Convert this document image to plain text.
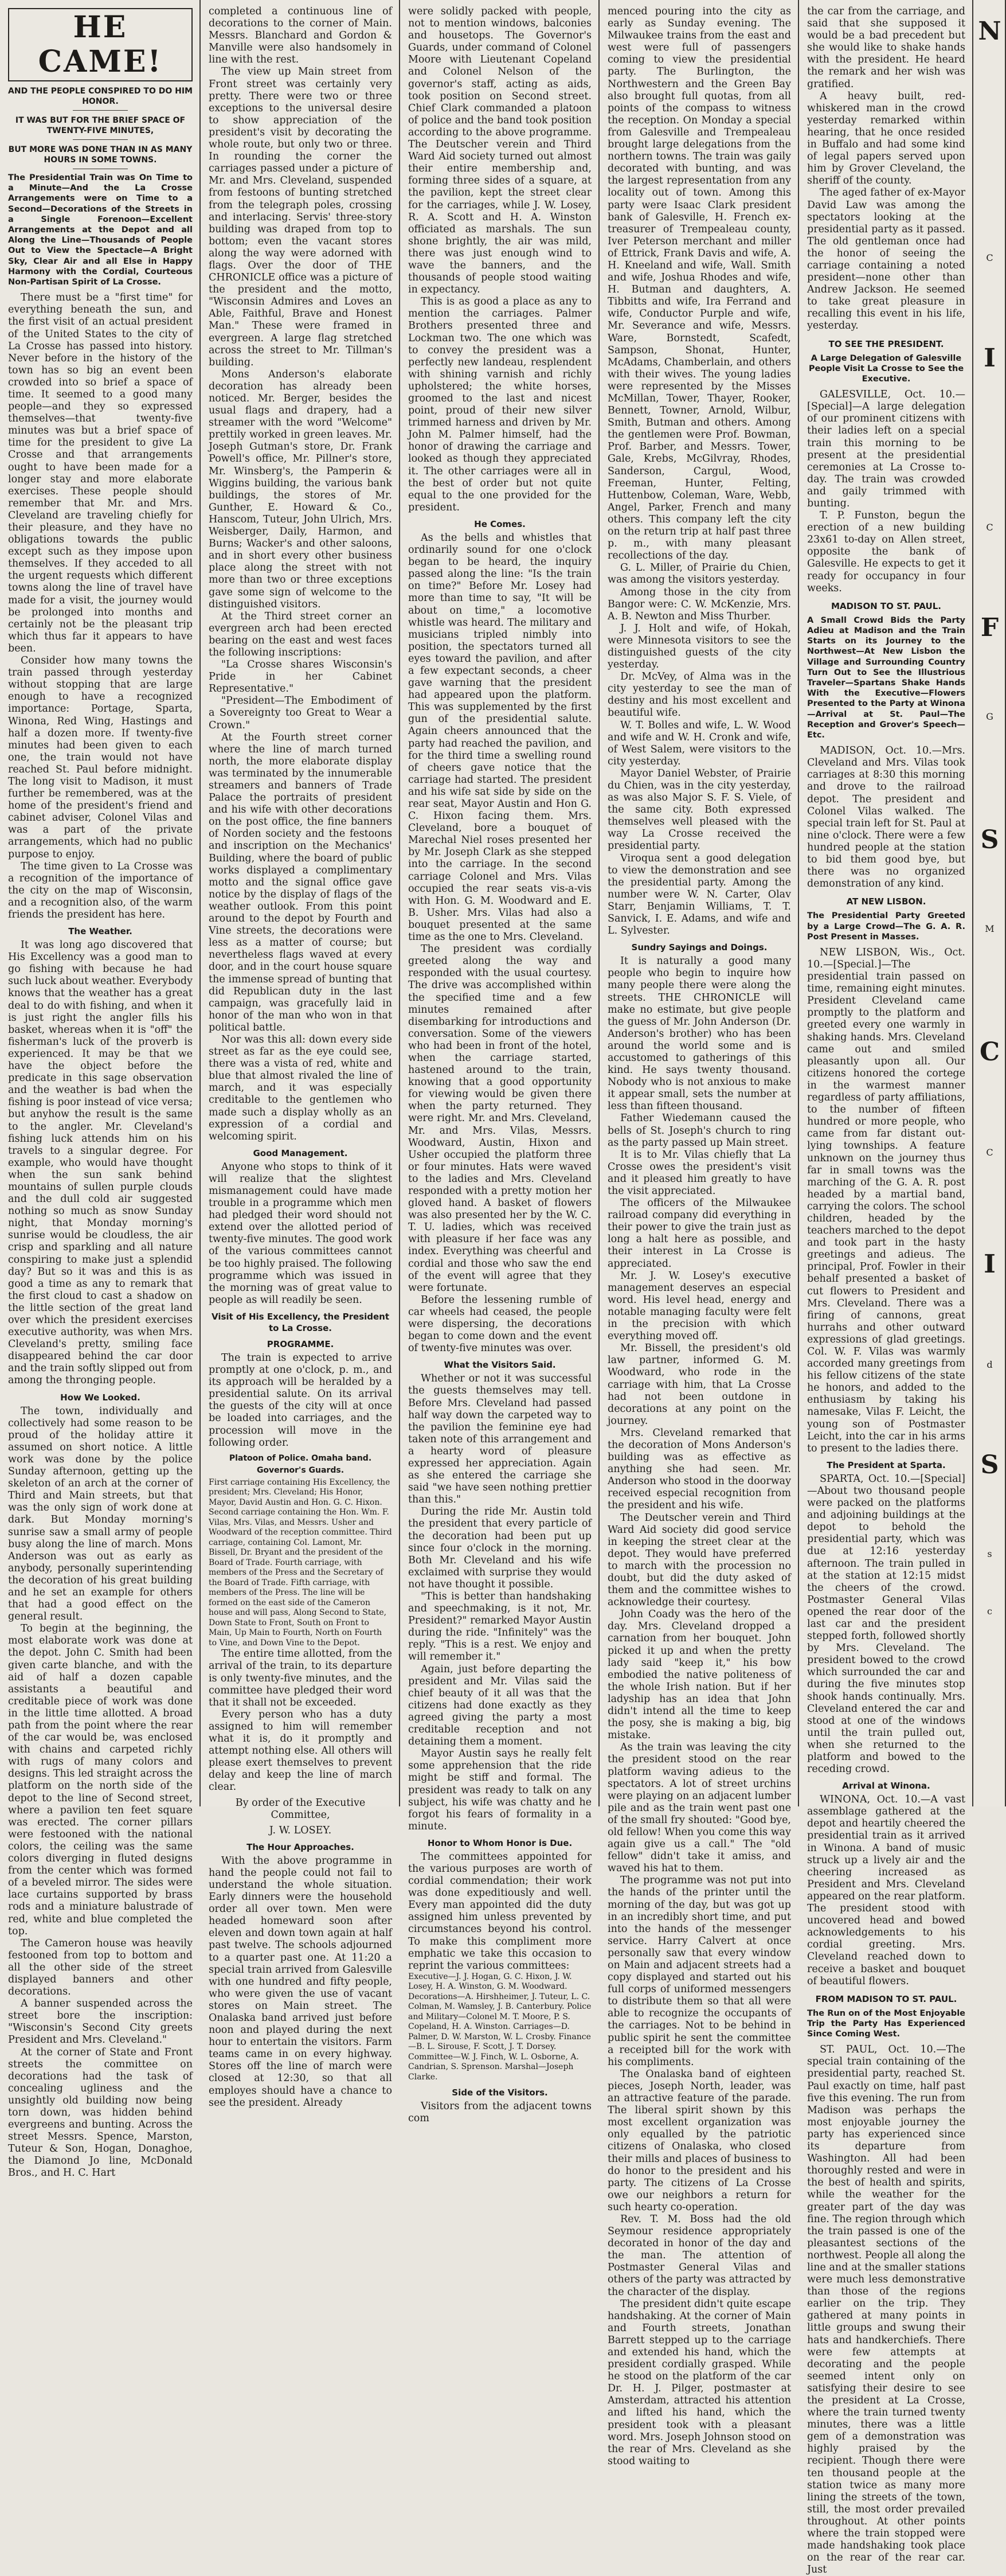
HE CAME!
AND THE PEOPLE CONSPIRED TO DO HIM HONOR.
IT WAS BUT FOR THE BRIEF SPACE OF TWENTY-FIVE MINUTES,
BUT MORE WAS DONE THAN IN AS MANY HOURS IN SOME TOWNS.
The Presidential Train was On Time to a Minute—And the La Crosse Arrangements were on Time to a Second—Decorations of the Streets in a Single Forenoon—Excellent Arrangements at the Depot and all Along the Line—Thousands of People Out to View the Spectacle—A Bright Sky, Clear Air and all Else in Happy Harmony with the Cordial, Courteous Non-Partisan Spirit of La Crosse.

There must be a "first time" for everything beneath the sun, and the first visit of an actual president of the United States to the city of La Crosse has passed into history. Never before in the history of the town has so big an event been crowded into so brief a space of time. It seemed to a good many people—and they so expressed themselves—that twenty-five minutes was but a brief space of time for the president to give La Crosse and that arrangements ought to have been made for a longer stay and more elaborate exercises. These people should remember that Mr. and Mrs. Cleveland are traveling chiefly for their pleasure, and they have no obligations towards the public except such as they impose upon themselves. If they acceded to all the urgent requests which different towns along the line of travel have made for a visit, the journey would be prolonged into months and certainly not be the pleasant trip which thus far it appears to have been.

Consider how many towns the train passed through yesterday without stopping that are large enough to have a recognized importance: Portage, Sparta, Winona, Red Wing, Hastings and half a dozen more. If twenty-five minutes had been given to each one, the train would not have reached St. Paul before midnight. The long visit to Madison, it must further be remembered, was at the home of the president's friend and cabinet adviser, Colonel Vilas and was a part of the private arrangements, which had no public purpose to enjoy.

The time given to La Crosse was a recognition of the importance of the city on the map of Wisconsin, and a recognition also, of the warm friends the president has here.

The Weather.

It was long ago discovered that His Excellency was a good man to go fishing with because he had such luck about weather. Everybody knows that the weather has a great deal to do with fishing, and when it is just right the angler fills his basket, whereas when it is "off" the fisherman's luck of the proverb is experienced. It may be that we have the object before the predicate in this sage observation and the weather is bad when the fishing is poor instead of vice versa; but anyhow the result is the same to the angler. Mr. Cleveland's fishing luck attends him on his travels to a singular degree. For example, who would have thought when the sun sank behind mountains of sullen purple clouds and the dull cold air suggested nothing so much as snow Sunday night, that Monday morning's sunrise would be cloudless, the air crisp and sparkling and all nature conspiring to make just a splendid day? But so it was and this is as good a time as any to remark that the first cloud to cast a shadow on the little section of the great land over which the president exercises executive authority, was when Mrs. Cleveland's pretty, smiling face disappeared behind the car door and the train softly slipped out from among the thronging people.

How We Looked.

The town, individually and collectively had some reason to be proud of the holiday attire it assumed on short notice. A little work was done by the police Sunday afternoon, getting up the skeleton of an arch at the corner of Third and Main streets, but that was the only sign of work done at dark. But Monday morning's sunrise saw a small army of people busy along the line of march. Mons Anderson was out as early as anybody, personally superintending the decoration of his great building and he set an example for others that had a good effect on the general result.

To begin at the beginning, the most elaborate work was done at the depot. John C. Smith had been given carte blanche, and with the aid of half a dozen capable assistants a beautiful and creditable piece of work was done in the little time allotted. A broad path from the point where the rear of the car would be, was enclosed with chains and carpeted richly with rugs of many colors and designs. This led straight across the platform on the north side of the depot to the line of Second street, where a pavilion ten feet square was erected. The corner pillars were festooned with the national colors, the ceiling was the same colors diverging in fluted designs from the center which was formed of a beveled mirror. The sides were lace curtains supported by brass rods and a miniature balustrade of red, white and blue completed the top.

The Cameron house was heavily festooned from top to bottom and all the other side of the street displayed banners and other decorations.

A banner suspended across the street bore the inscription: "Wisconsin's Second City greets President and Mrs. Cleveland."

At the corner of State and Front streets the committee on decorations had the task of concealing ugliness and the unsightly old building now being torn down, was hidden behind evergreens and bunting. Across the street Messrs. Spence, Marston, Tuteur & Son, Hogan, Donaghoe, the Diamond Jo line, McDonald Bros., and H. C. Hart

completed a continuous line of decorations to the corner of Main. Messrs. Blanchard and Gordon & Manville were also handsomely in line with the rest.

The view up Main street from Front street was certainly very pretty. There were two or three exceptions to the universal desire to show appreciation of the president's visit by decorating the whole route, but only two or three. In rounding the corner the carriages passed under a picture of Mr. and Mrs. Cleveland, suspended from festoons of bunting stretched from the telegraph poles, crossing and interlacing. Servis' three-story building was draped from top to bottom; even the vacant stores along the way were adorned with flags. Over the door of THE CHRONICLE office was a picture of the president and the motto, "Wisconsin Admires and Loves an Able, Faithful, Brave and Honest Man." These were framed in evergreen. A large flag stretched across the street to Mr. Tillman's building.

Mons Anderson's elaborate decoration has already been noticed. Mr. Berger, besides the usual flags and drapery, had a streamer with the word "Welcome" prettily worked in green leaves. Mr. Joseph Gutman's store, Dr. Frank Powell's office, Mr. Pillner's store, Mr. Winsberg's, the Pamperin & Wiggins building, the various bank buildings, the stores of Mr. Gunther, E. Howard & Co., Hanscom, Tuteur, John Ulrich, Mrs. Weisberger, Daily, Harmon, and Burns; Wacker's and other saloons, and in short every other business place along the street with not more than two or three exceptions gave some sign of welcome to the distinguished visitors.

At the Third street corner an evergreen arch had been erected bearing on the east and west faces the following inscriptions:

"La Crosse shares Wisconsin's Pride in her Cabinet Representative."

"President—The Embodiment of a Sovereignty too Great to Wear a Crown."

At the Fourth street corner where the line of march turned north, the more elaborate display was terminated by the innumerable streamers and banners of Trade Palace the portraits of president and his wife with other decorations on the post office, the fine banners of Norden society and the festoons and inscription on the Mechanics' Building, where the board of public works displayed a complimentary motto and the signal office gave notice by the display of flags of the weather outlook. From this point around to the depot by Fourth and Vine streets, the decorations were less as a matter of course; but nevertheless flags waved at every door, and in the court house square the immense spread of bunting that did Republican duty in the last campaign, was gracefully laid in honor of the man who won in that political battle.

Nor was this all: down every side street as far as the eye could see, there was a vista of red, white and blue that almost rivaled the line of march, and it was especially creditable to the gentlemen who made such a display wholly as an expression of a cordial and welcoming spirit.

Good Management.

Anyone who stops to think of it will realize that the slightest mismanagement could have made trouble in a programme which men had pledged their word should not extend over the allotted period of twenty-five minutes. The good work of the various committees cannot be too highly praised. The following programme which was issued in the morning was of great value to people as will readily be seen.

Visit of His Excellency, the President to La Crosse.
PROGRAMME.

The train is expected to arrive promptly at one o'clock, p. m., and its approach will be heralded by a presidential salute. On its arrival the guests of the city will at once be loaded into carriages, and the procession will move in the following order.

Platoon of Police. Omaha band. Governor's Guards.

First carriage containing His Excellency, the president; Mrs. Cleveland; His Honor, Mayor, David Austin and Hon. G. C. Hixon. Second carriage containing the Hon. Wm. F. Vilas, Mrs. Vilas, and Messrs. Usher and Woodward of the reception committee. Third carriage, containing Col. Lamont, Mr. Bissell, Dr. Bryant and the president of the Board of Trade. Fourth carriage, with members of the Press and the Secretary of the Board of Trade. Fifth carriage, with members of the Press. The line will be formed on the east side of the Cameron house and will pass, Along Second to State, Down State to Front, South on Front to Main, Up Main to Fourth, North on Fourth to Vine, and Down Vine to the Depot.

The entire time allotted, from the arrival of the train, to its departure is only twenty-five minutes, and the committee have pledged their word that it shall not be exceeded.

Every person who has a duty assigned to him will remember what it is, do it promptly and attempt nothing else. All others will please exert themselves to prevent delay and keep the line of march clear.

By order of the Executive Committee,
J. W. LOSEY.
The Hour Approaches.

With the above programme in hand the people could not fail to understand the whole situation. Early dinners were the household order all over town. Men were headed homeward soon after eleven and down town again at half past twelve. The schools adjourned to a quarter past one. At 11:20 a special train arrived from Galesville with one hundred and fifty people, who were given the use of vacant stores on Main street. The Onalaska band arrived just before noon and played during the next hour to entertain the visitors. Farm teams came in on every highway. Stores off the line of march were closed at 12:30, so that all employes should have a chance to see the president. Already

were solidly packed with people, not to mention windows, balconies and housetops. The Governor's Guards, under command of Colonel Moore with Lieutenant Copeland and Colonel Nelson of the governor's staff, acting as aids, took position on Second street. Chief Clark commanded a platoon of police and the band took position according to the above programme. The Deutscher verein and Third Ward Aid society turned out almost their entire membership and, forming three sides of a square, at the pavilion, kept the street clear for the carriages, while J. W. Losey, R. A. Scott and H. A. Winston officiated as marshals. The sun shone brightly, the air was mild, there was just enough wind to wave the banners, and the thousands of people stood waiting in expectancy.

This is as good a place as any to mention the carriages. Palmer Brothers presented three and Lockman two. The one which was to convey the president was a perfectly new landeau, resplendent with shining varnish and richly upholstered; the white horses, groomed to the last and nicest point, proud of their new silver trimmed harness and driven by Mr. John M. Palmer himself, had the honor of drawing the carriage and looked as though they appreciated it. The other carriages were all in the best of order but not quite equal to the one provided for the president.

He Comes.

As the bells and whistles that ordinarily sound for one o'clock began to be heard, the inquiry passed along the line: "Is the train on time?" Before Mr. Losey had more than time to say, "It will be about on time," a locomotive whistle was heard. The military and musicians tripled nimbly into position, the spectators turned all eyes toward the pavilion, and after a few expectant seconds, a cheer gave warning that the president had appeared upon the platform. This was supplemented by the first gun of the presidential salute. Again cheers announced that the party had reached the pavilion, and for the third time a swelling round of cheers gave notice that the carriage had started. The president and his wife sat side by side on the rear seat, Mayor Austin and Hon G. C. Hixon facing them. Mrs. Cleveland, bore a bouquet of Marechal Niel roses presented her by Mr. Joseph Clark as she stepped into the carriage. In the second carriage Colonel and Mrs. Vilas occupied the rear seats vis-a-vis with Hon. G. M. Woodward and E. B. Usher. Mrs. Vilas had also a bouquet presented at the same time as the one to Mrs. Cleveland.

The president was cordially greeted along the way and responded with the usual courtesy. The drive was accomplished within the specified time and a few minutes remained after disembarking for introductions and conversation. Some of the viewers who had been in front of the hotel, when the carriage started, hastened around to the train, knowing that a good opportunity for viewing would be given there when the party returned. They were right. Mr. and Mrs. Cleveland, Mr. and Mrs. Vilas, Messrs. Woodward, Austin, Hixon and Usher occupied the platform three or four minutes. Hats were waved to the ladies and Mrs. Cleveland responded with a pretty motion her gloved hand. A basket of flowers was also presented her by the W. C. T. U. ladies, which was received with pleasure if her face was any index. Everything was cheerful and cordial and those who saw the end of the event will agree that they were fortunate.

Before the lessening rumble of car wheels had ceased, the people were dispersing, the decorations began to come down and the event of twenty-five minutes was over.

What the Visitors Said.

Whether or not it was successful the guests themselves may tell. Before Mrs. Cleveland had passed half way down the carpeted way to the pavilion the feminine eye had taken note of this arrangement and a hearty word of pleasure expressed her appreciation. Again as she entered the carriage she said "we have seen nothing prettier than this."

During the ride Mr. Austin told the president that every particle of the decoration had been put up since four o'clock in the morning. Both Mr. Cleveland and his wife exclaimed with surprise they would not have thought it possible.

"This is better than handshaking and speechmaking, is it not, Mr. President?" remarked Mayor Austin during the ride. "Infinitely" was the reply. "This is a rest. We enjoy and will remember it."

Again, just before departing the president and Mr. Vilas said the chief beauty of it all was that the citizens had done exactly as they agreed giving the party a most creditable reception and not detaining them a moment.

Mayor Austin says he really felt some apprehension that the ride might be stiff and formal. The president was ready to talk on any subject, his wife was chatty and he forgot his fears of formality in a minute.

Honor to Whom Honor is Due.

The committees appointed for the various purposes are worth of cordial commendation; their work was done expeditiously and well. Every man appointed did the duty assigned him unless prevented by circumstances beyond his control. To make this compliment more emphatic we take this occasion to reprint the various committees:

Executive—J. J. Hogan, G. C. Hixon, J. W. Losey, H. A. Winston, G. M. Woodward. Decorations—A. Hirshheimer, J. Tuteur, L. C. Colman, M. Wamsley, J. B. Canterbury. Police and Military—Colonel M. T. Moore, P. S. Copeland, H. A. Winston. Carriages—D. Palmer, D. W. Marston, W. L. Crosby. Finance—B. L. Sirouse, F. Scott, J. T. Dorsey. Committee—W. J. Finch, W. L. Osborne, A. Candrian, S. Sprenson. Marshal—Joseph Clarke.

Side of the Visitors.

Visitors from the adjacent towns com

menced pouring into the city as early as Sunday evening. The Milwaukee trains from the east and west were full of passengers coming to view the presidential party. The Burlington, the Northwestern and the Green Bay also brought full quotas, from all points of the compass to witness the reception. On Monday a special from Galesville and Trempealeau brought large delegations from the northern towns. The train was gaily decorated with bunting, and was the largest representation from any locality out of town. Among this party were Isaac Clark president bank of Galesville, H. French ex-treasurer of Trempealeau county, Iver Peterson merchant and miller of Ettrick, Frank Davis and wife, A. H. Kneeland and wife, Wall. Smith and wife, Joshua Rhodes and wife, H. Butman and daughters, A. Tibbitts and wife, Ira Ferrand and wife, Conductor Purple and wife, Mr. Severance and wife, Messrs. Ware, Bornstedt, Scafedt, Sampson, Shonat, Hunter, McAdams, Chamberlain, and others with their wives. The young ladies were represented by the Misses McMillan, Tower, Thayer, Rooker, Bennett, Towner, Arnold, Wilbur, Smith, Butman and others. Among the gentlemen were Prof. Bowman, Prof. Barber, and Messrs. Tower, Gale, Krebs, McGilvray, Rhodes, Sanderson, Cargul, Wood, Freeman, Hunter, Felting, Huttenbow, Coleman, Ware, Webb, Angel, Parker, French and many others. This company left the city on the return trip at half past three p. m., with many pleasant recollections of the day.

G. L. Miller, of Prairie du Chien, was among the visitors yesterday.

Among those in the city from Bangor were: C. W. McKenzie, Mrs. A. B. Newton and Miss Thurber.

J. J. Holt and wife, of Hokah, were Minnesota visitors to see the distinguished guests of the city yesterday.

Dr. McVey, of Alma was in the city yesterday to see the man of destiny and his most excellent and beautiful wife.

W. T. Bolles and wife, L. W. Wood and wife and W. H. Cronk and wife, of West Salem, were visitors to the city yesterday.

Mayor Daniel Webster, of Prairie du Chien, was in the city yesterday, as was also Major S. F. S. Viele, of the same city. Both expressed themselves well pleased with the way La Crosse received the presidential party.

Viroqua sent a good delegation to view the demonstration and see the presidential party. Among the number were W. N. Carter, Olav Starr, Benjamin Williams, T. T. Sanvick, I. E. Adams, and wife and L. Sylvester.

Sundry Sayings and Doings.

It is naturally a good many people who begin to inquire how many people there were along the streets. THE CHRONICLE will make no estimate, but give people the guess of Mr. John Anderson (Dr. Anderson's brother) who has been around the world some and is accustomed to gatherings of this kind. He says twenty thousand. Nobody who is not anxious to make it appear small, sets the number at less than fifteen thousand.

Father Wiedemann caused the bells of St. Joseph's church to ring as the party passed up Main street.

It is to Mr. Vilas chiefly that La Crosse owes the president's visit and it pleased him greatly to have the visit appreciated.

The officers of the Milwaukee railroad company did everything in their power to give the train just as long a halt here as possible, and their interest in La Crosse is appreciated.

Mr. J. W. Losey's executive management deserves an especial word. His level head, energy and notable managing faculty were felt in the precision with which everything moved off.

Mr. Bissell, the president's old law partner, informed G. M. Woodward, who rode in the carriage with him, that La Crosse had not been outdone in decorations at any point on the journey.

Mrs. Cleveland remarked that the decoration of Mons Anderson's building was as effective as anything she had seen. Mr. Anderson who stood in the doorway received especial recognition from the president and his wife.

The Deutscher verein and Third Ward Aid society did good service in keeping the street clear at the depot. They would have preferred to march with the procession no doubt, but did the duty asked of them and the committee wishes to acknowledge their courtesy.

John Coady was the hero of the day. Mrs. Cleveland dropped a carnation from her bouquet. John picked it up and when the pretty lady said "keep it," his bow embodied the native politeness of the whole Irish nation. But if her ladyship has an idea that John didn't intend all the time to keep the posy, she is making a big, big mistake.

As the train was leaving the city the president stood on the rear platform waving adieus to the spectators. A lot of street urchins were playing on an adjacent lumber pile and as the train went past one of the small fry shouted: "Good bye, old fellow! When you come this way again give us a call." The "old fellow" didn't take it amiss, and waved his hat to them.

The programme was not put into the hands of the printer until the morning of the day, but was got up in an incredibly short time, and put into the hands of the messenger service. Harry Calvert at once personally saw that every window on Main and adjacent streets had a copy displayed and started out his full corps of uniformed messengers to distribute them so that all were able to recognize the occupants of the carriages. Not to be behind in public spirit he sent the committee a receipted bill for the work with his compliments.

The Onalaska band of eighteen pieces, Joseph North, leader, was an attractive feature of the parade. The liberal spirit shown by this most excellent organization was only equalled by the patriotic citizens of Onalaska, who closed their mills and places of business to do honor to the president and his party. The citizens of La Crosse owe our neighbors a return for such hearty co-operation.

Rev. T. M. Boss had the old Seymour residence appropriately decorated in honor of the day and the man. The attention of Postmaster General Vilas and others of the party was attracted by the character of the display.

The president didn't quite escape handshaking. At the corner of Main and Fourth streets, Jonathan Barrett stepped up to the carriage and extended his hand, which the president cordially grasped. While he stood on the platform of the car Dr. H. J. Pilger, postmaster at Amsterdam, attracted his attention and lifted his hand, which the president took with a pleasant word. Mrs. Joseph Johnson stood on the rear of Mrs. Cleveland as she stood waiting to

the car from the carriage, and said that she supposed it would be a bad precedent but she would like to shake hands with the president. He heard the remark and her wish was gratified.

A heavy built, red-whiskered man in the crowd yesterday remarked within hearing, that he once resided in Buffalo and had some kind of legal papers served upon him by Grover Cleveland, the sheriff of the county.

The aged father of ex-Mayor David Law was among the spectators looking at the presidential party as it passed. The old gentleman once had the honor of seeing the carriage containing a noted president—none other than Andrew Jackson. He seemed to take great pleasure in recalling this event in his life, yesterday.

TO SEE THE PRESIDENT.
A Large Delegation of Galesville People Visit La Crosse to See the Executive.

GALESVILLE, Oct. 10.—[Special]—A large delegation of our prominent citizens with their ladies left on a special train this morning to be present at the presidential ceremonies at La Crosse to-day. The train was crowded and gaily trimmed with bunting.

T. P. Funston, begun the erection of a new building 23x61 to-day on Allen street, opposite the bank of Galesville. He expects to get it ready for occupancy in four weeks.

MADISON TO ST. PAUL.
A Small Crowd Bids the Party Adieu at Madison and the Train Starts on its Journey to the Northwest—At New Lisbon the Village and Surrounding Country Turn Out to See the Illustrious Traveler—Spartans Shake Hands With the Executive—Flowers Presented to the Party at Winona—Arrival at St. Paul—The Reception and Grover's Speech—Etc.

MADISON, Oct. 10.—Mrs. Cleveland and Mrs. Vilas took carriages at 8:30 this morning and drove to the railroad depot. The president and Colonel Vilas walked. The special train left for St. Paul at nine o'clock. There were a few hundred people at the station to bid them good bye, but there was no organized demonstration of any kind.

AT NEW LISBON.
The Presidential Party Greeted by a Large Crowd—The G. A. R. Post Present in Masses.

NEW LISBON, Wis., Oct. 10.—[Special.]—The presidential train passed on time, remaining eight minutes. President Cleveland came promptly to the platform and greeted every one warmly in shaking hands. Mrs. Cleveland came out and smiled pleasantly upon all. Our citizens honored the cortege in the warmest manner regardless of party affiliations, to the number of fifteen hundred or more people, who came from far distant out-lying townships. A feature unknown on the journey thus far in small towns was the marching of the G. A. R. post headed by a martial band, carrying the colors. The school children, headed by the teachers marched to the depot and took part in the hasty greetings and adieus. The principal, Prof. Fowler in their behalf presented a basket of cut flowers to President and Mrs. Cleveland. There was a firing of cannons, great hurrahs and other outward expressions of glad greetings. Col. W. F. Vilas was warmly accorded many greetings from his fellow citizens of the state he honors, and added to the enthusiasm by taking his namesake, Vilas F. Leicht, the young son of Postmaster Leicht, into the car in his arms to present to the ladies there.

The President at Sparta.

SPARTA, Oct. 10.—[Special]—About two thousand people were packed on the platforms and adjoining buildings at the depot to behold the presidential party, which was due at 12:16 yesterday afternoon. The train pulled in at the station at 12:15 midst the cheers of the crowd. Postmaster General Vilas opened the rear door of the last car and the president stepped forth, followed shortly by Mrs. Cleveland. The president bowed to the crowd which surrounded the car and during the five minutes stop shook hands continually. Mrs. Cleveland entered the car and stood at one of the windows until the train pulled out, when she returned to the platform and bowed to the receding crowd.

Arrival at Winona.

WINONA, Oct. 10.—A vast assemblage gathered at the depot and heartily cheered the presidential train as it arrived in Winona. A band of music struck up a lively air and the cheering increased as President and Mrs. Cleveland appeared on the rear platform. The president stood with uncovered head and bowed acknowledgements to his cordial greeting. Mrs. Cleveland reached down to receive a basket and bouquet of beautiful flowers.

FROM MADISON TO ST. PAUL.
The Run on of the Most Enjoyable Trip the Party Has Experienced Since Coming West.

ST. PAUL, Oct. 10.—The special train containing of the presidential party, reached St. Paul exactly on time, half past five this evening. The run from Madison was perhaps the most enjoyable journey the party has experienced since its departure from Washington. All had been thoroughly rested and were in the best of health and spirits, while the weather for the greater part of the day was fine. The region through which the train passed is one of the pleasantest sections of the northwest. People all along the line and at the smaller stations were much less demonstrative than those of the regions earlier on the trip. They gathered at many points in little groups and swung their hats and handkerchiefs. There were few attempts at decorating and the people seemed intent only on satisfying their desire to see the president at La Crosse, where the train turned twenty minutes, there was a little gem of a demonstration was highly praised by the recipient. Though there were ten thousand people at the station twice as many more lining the streets of the town, still, the most order prevailed throughout. At other points where the train stopped were made handshaking took place on the rear of the rear car. Just

N
C
I
C
F
G
S
M
C
C
I
d
S
s
c
